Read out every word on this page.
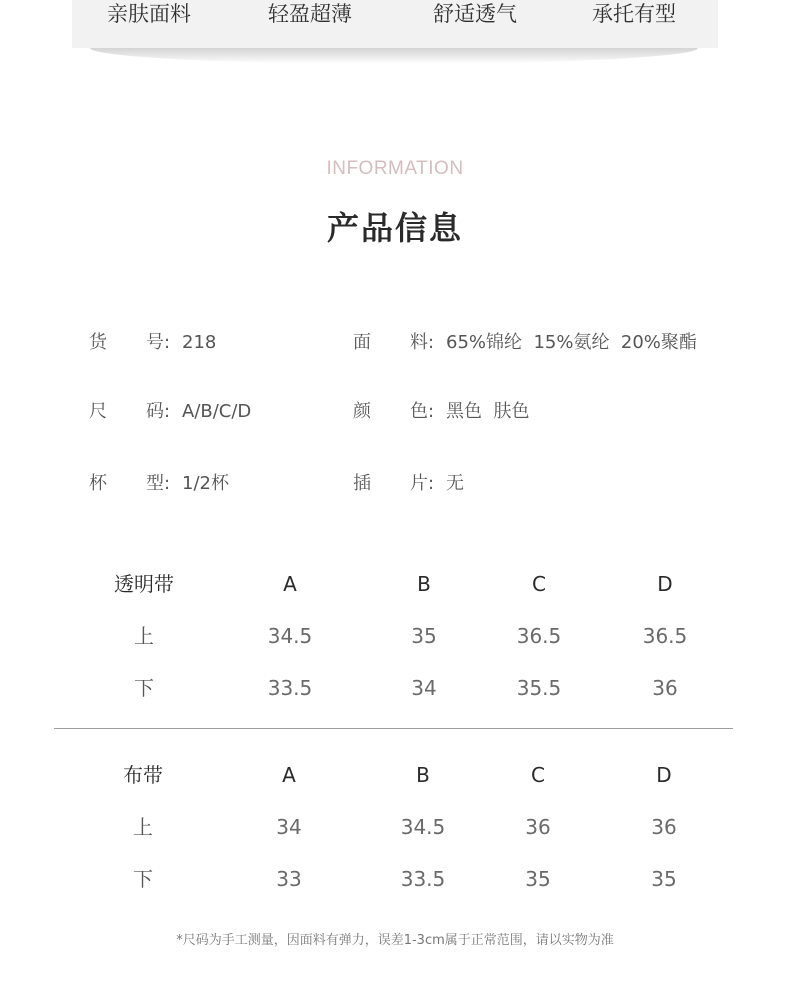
亲肤面料	轻盈超薄	舒适透气	承托有型
INFORMATION
产品信息
货 号 : 218	面 料 : 65%锦纶  15%氨纶  20%聚酯
尺 码 : A/B/C/D	颜 色 : 黑色  肤色
杯 型 : 1/2杯	插 片 : 无
透明带	A	B	C	D
上	34.5	35	36.5	36.5
下	33.5	34	35.5	36
布带	A	B	C	D
上	34	34.5	36	36
下	33	33.5	35	35
*尺码为手工测量，因面料有弹力，误差1-3cm属于正常范围，请以实物为准
